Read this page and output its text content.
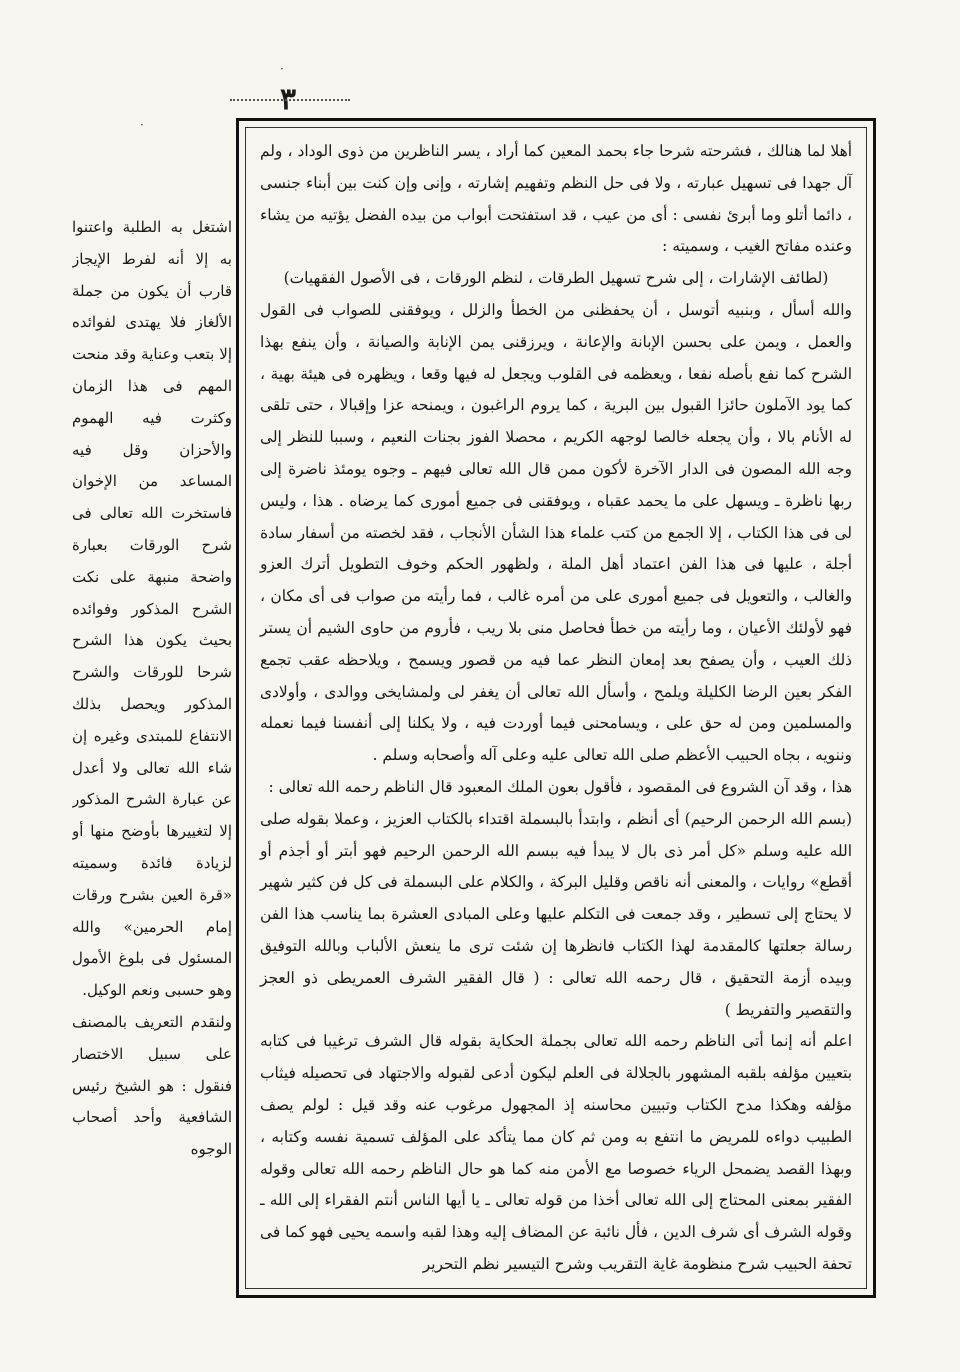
٣
·
·

اشتغل به الطلبة واعتنوا به إلا أنه لفرط الإيجاز قارب أن يكون من جملة الألغاز فلا يهتدى لفوائده إلا بتعب وعناية وقد منحت المهم فى هذا الزمان وكثرت فيه الهموم والأحزان وقل فيه المساعد من الإخوان فاستخرت الله تعالى فى شرح الورقات بعبارة واضحة منبهة على نكت الشرح المذكور وفوائده بحيث يكون هذا الشرح شرحا للورقات والشرح المذكور ويحصل بذلك الانتفاع للمبتدى وغيره إن شاء الله تعالى ولا أعدل عن عبارة الشرح المذكور إلا لتغييرها بأوضح منها أو لزيادة فائدة وسميته «قرة العين بشرح ورقات إمام الحرمين» والله المسئول فى بلوغ الأمول وهو حسبى ونعم الوكيل.

ولنقدم التعريف بالمصنف على سبيل الاختصار فنقول : هو الشيخ رئيس الشافعية وأحد أصحاب الوجوه

أهلا لما هنالك ، فشرحته شرحا جاء بحمد المعين كما أراد ، يسر الناظرين من ذوى الوداد ، ولم آل جهدا فى تسهيل عبارته ، ولا فى حل النظم وتفهيم إشارته ، وإنى وإن كنت بين أبناء جنسى ، دائما أتلو وما أبرئ نفسى : أى من عيب ، قد استفتحت أبواب من بيده الفضل يؤتيه من يشاء وعنده مفاتح الغيب ، وسميته :

(لطائف الإشارات ، إلى شرح تسهيل الطرقات ، لنظم الورقات ، فى الأصول الفقهيات)

والله أسأل ، وبنبيه أتوسل ، أن يحفظنى من الخطأ والزلل ، ويوفقنى للصواب فى القول والعمل ، ويمن على بحسن الإبانة والإعانة ، ويرزقنى يمن الإنابة والصيانة ، وأن ينفع بهذا الشرح كما نفع بأصله نفعا ، ويعظمه فى القلوب ويجعل له فيها وقعا ، ويظهره فى هيئة بهية ، كما يود الآملون حائزا القبول بين البرية ، كما يروم الراغبون ، ويمنحه عزا وإقبالا ، حتى تلقى له الأنام بالا ، وأن يجعله خالصا لوجهه الكريم ، محصلا الفوز بجنات النعيم ، وسببا للنظر إلى وجه الله المصون فى الدار الآخرة لأكون ممن قال الله تعالى فيهم ـ وجوه يومئذ ناضرة إلى ربها ناظرة ـ ويسهل على ما يحمد عقباه ، ويوفقنى فى جميع أمورى كما يرضاه . هذا ، وليس لى فى هذا الكتاب ، إلا الجمع من كتب علماء هذا الشأن الأنجاب ، فقد لخصته من أسفار سادة أجلة ، عليها فى هذا الفن اعتماد أهل الملة ، ولظهور الحكم وخوف التطويل أترك العزو والغالب ، والتعويل فى جميع أمورى على من أمره غالب ، فما رأيته من صواب فى أى مكان ، فهو لأولئك الأعيان ، وما رأيته من خطأ فحاصل منى بلا ريب ، فأروم من حاوى الشيم أن يستر ذلك العيب ، وأن يصفح بعد إمعان النظر عما فيه من قصور ويسمح ، ويلاحظه عقب تجمع الفكر بعين الرضا الكليلة ويلمح ، وأسأل الله تعالى أن يغفر لى ولمشايخى ووالدى ، وأولادى والمسلمين ومن له حق على ، ويسامحنى فيما أوردت فيه ، ولا يكلنا إلى أنفسنا فيما نعمله وننويه ، بجاه الحبيب الأعظم صلى الله تعالى عليه وعلى آله وأصحابه وسلم .

هذا ، وقد آن الشروع فى المقصود ، فأقول بعون الملك المعبود قال الناظم رحمه الله تعالى :

(بسم الله الرحمن الرحيم) أى أنظم ، وابتدأ بالبسملة اقتداء بالكتاب العزيز ، وعملا بقوله صلى الله عليه وسلم «كل أمر ذى بال لا يبدأ فيه ببسم الله الرحمن الرحيم فهو أبتر أو أجذم أو أقطع» روايات ، والمعنى أنه ناقص وقليل البركة ، والكلام على البسملة فى كل فن كثير شهير لا يحتاج إلى تسطير ، وقد جمعت فى التكلم عليها وعلى المبادى العشرة بما يناسب هذا الفن رسالة جعلتها كالمقدمة لهذا الكتاب فانظرها إن شئت ترى ما ينعش الألباب وبالله التوفيق وبيده أزمة التحقيق ، قال رحمه الله تعالى : ( قال الفقير الشرف العمريطى ذو العجز والتقصير والتفريط )

اعلم أنه إنما أتى الناظم رحمه الله تعالى بجملة الحكاية بقوله قال الشرف ترغيبا فى كتابه بتعيين مؤلفه بلقبه المشهور بالجلالة فى العلم ليكون أدعى لقبوله والاجتهاد فى تحصيله فيثاب مؤلفه وهكذا مدح الكتاب وتبيين محاسنه إذ المجهول مرغوب عنه وقد قيل : لولم يصف الطبيب دواءه للمريض ما انتفع به ومن ثم كان مما يتأكد على المؤلف تسمية نفسه وكتابه ، وبهذا القصد يضمحل الرياء خصوصا مع الأمن منه كما هو حال الناظم رحمه الله تعالى وقوله الفقير بمعنى المحتاج إلى الله تعالى أخذا من قوله تعالى ـ يا أيها الناس أنتم الفقراء إلى الله ـ وقوله الشرف أى شرف الدين ، فأل نائبة عن المضاف إليه وهذا لقبه واسمه يحيى فهو كما فى تحفة الحبيب شرح منظومة غاية التقريب وشرح التيسير نظم التحرير
